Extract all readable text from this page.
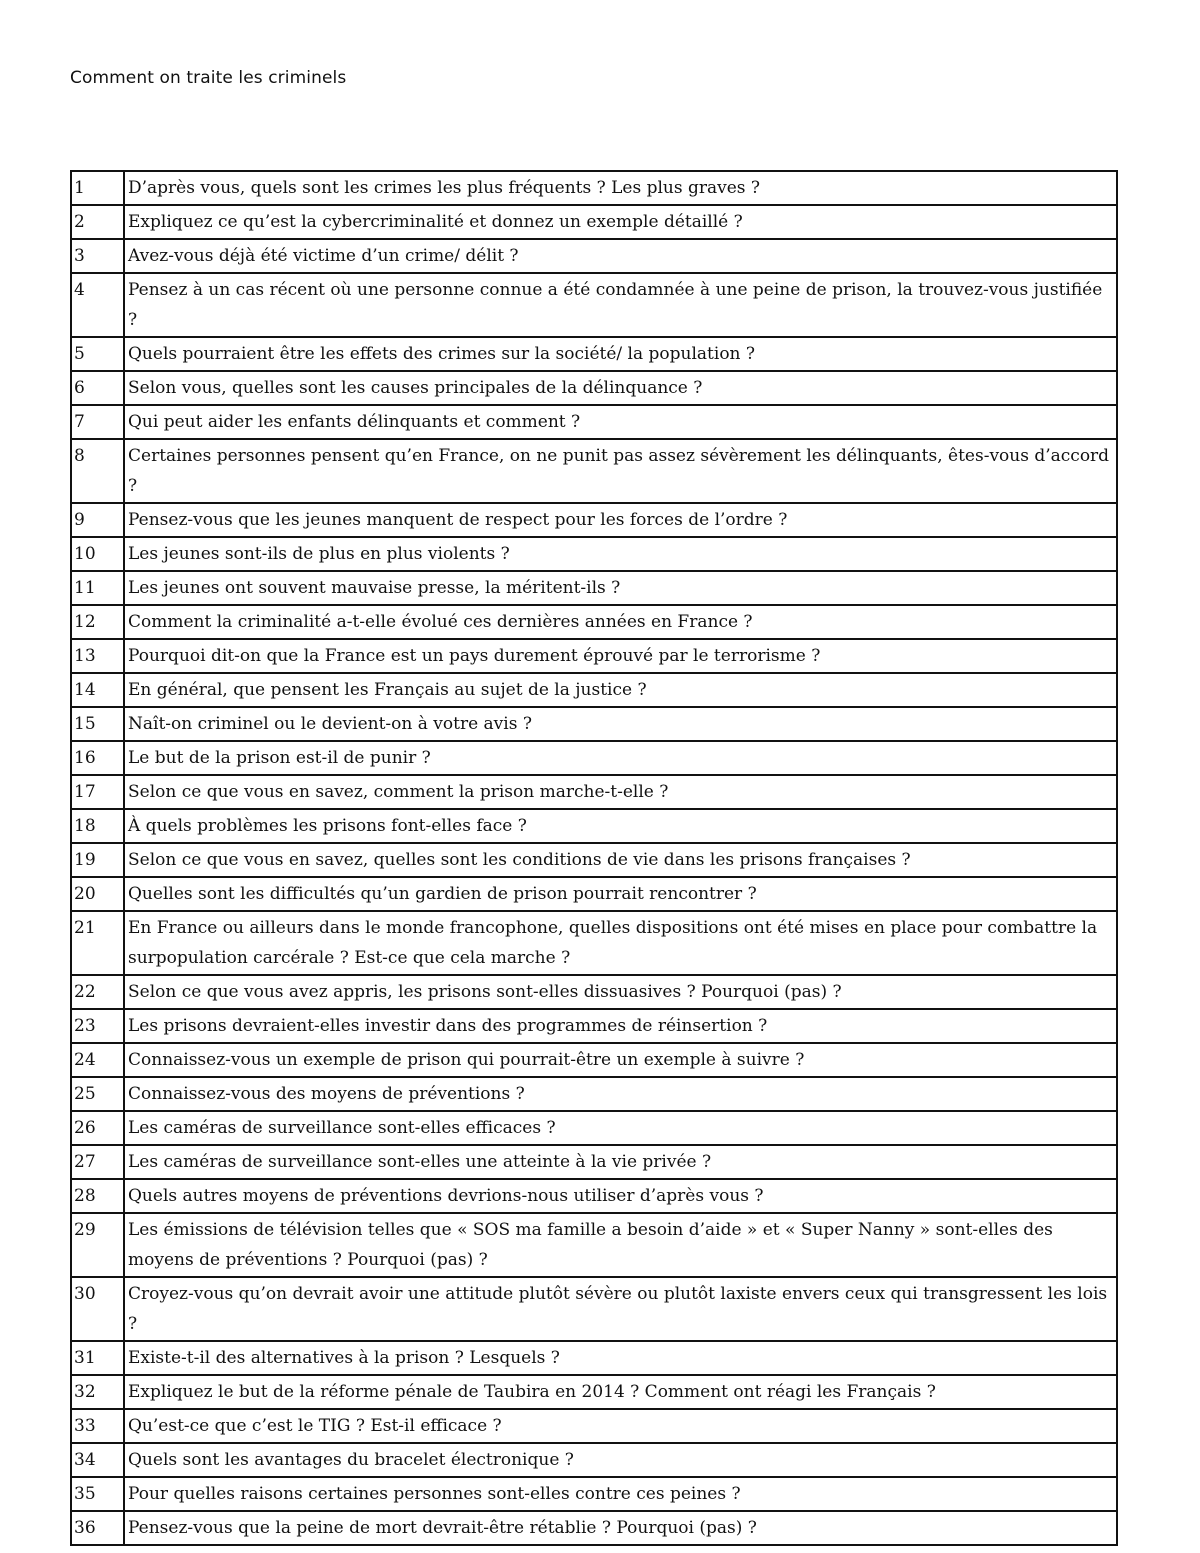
Comment on traite les criminels
1	D’après vous, quels sont les crimes les plus fréquents ? Les plus graves ?
2	Expliquez ce qu’est la cybercriminalité et donnez un exemple détaillé ?
3	Avez-vous déjà été victime d’un crime/ délit ?
4	Pensez à un cas récent où une personne connue a été condamnée à une peine de prison, la trouvez-vous justifiée ?
5	Quels pourraient être les effets des crimes sur la société/ la population ?
6	Selon vous, quelles sont les causes principales de la délinquance ?
7	Qui peut aider les enfants délinquants et comment ?
8	Certaines personnes pensent qu’en France, on ne punit pas assez sévèrement les délinquants, êtes-vous d’accord ?
9	Pensez-vous que les jeunes manquent de respect pour les forces de l’ordre ?
10	Les jeunes sont-ils de plus en plus violents ?
11	Les jeunes ont souvent mauvaise presse, la méritent-ils ?
12	Comment la criminalité a-t-elle évolué ces dernières années en France ?
13	Pourquoi dit-on que la France est un pays durement éprouvé par le terrorisme ?
14	En général, que pensent les Français au sujet de la justice ?
15	Naît-on criminel ou le devient-on à votre avis ?
16	Le but de la prison est-il de punir ?
17	Selon ce que vous en savez, comment la prison marche-t-elle ?
18	À quels problèmes les prisons font-elles face ?
19	Selon ce que vous en savez, quelles sont les conditions de vie dans les prisons françaises ?
20	Quelles sont les difficultés qu’un gardien de prison pourrait rencontrer ?
21	En France ou ailleurs dans le monde francophone, quelles dispositions ont été mises en place pour combattre la surpopulation carcérale ? Est-ce que cela marche ?
22	Selon ce que vous avez appris, les prisons sont-elles dissuasives ? Pourquoi (pas) ?
23	Les prisons devraient-elles investir dans des programmes de réinsertion ?
24	Connaissez-vous un exemple de prison qui pourrait-être un exemple à suivre ?
25	Connaissez-vous des moyens de préventions ?
26	Les caméras de surveillance sont-elles efficaces ?
27	Les caméras de surveillance sont-elles une atteinte à la vie privée ?
28	Quels autres moyens de préventions devrions-nous utiliser d’après vous ?
29	Les émissions de télévision telles que « SOS ma famille a besoin d’aide » et « Super Nanny » sont-elles des moyens de préventions ? Pourquoi (pas) ?
30	Croyez-vous qu’on devrait avoir une attitude plutôt sévère ou plutôt laxiste envers ceux qui transgressent les lois ?
31	Existe-t-il des alternatives à la prison ? Lesquels ?
32	Expliquez le but de la réforme pénale de Taubira en 2014 ? Comment ont réagi les Français ?
33	Qu’est-ce que c’est le TIG ? Est-il efficace ?
34	Quels sont les avantages du bracelet électronique ?
35	Pour quelles raisons certaines personnes sont-elles contre ces peines ?
36	Pensez-vous que la peine de mort devrait-être rétablie ? Pourquoi (pas) ?
